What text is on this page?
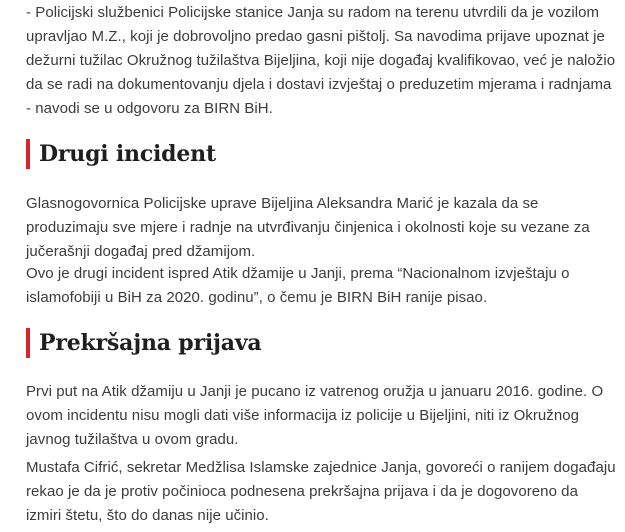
- Policijski službenici Policijske stanice Janja su radom na terenu utvrdili da je vozilom upravljao M.Z., koji je dobrovoljno predao gasni pištolj. Sa navodima prijave upoznat je dežurni tužilac Okružnog tužilaštva Bijeljina, koji nije događaj kvalifikovao, već je naložio da se radi na dokumentovanju djela i dostavi izvještaj o preduzetim mjerama i radnjama - navodi se u odgovoru za BIRN BiH.

Drugi incident

Glasnogovornica Policijske uprave Bijeljina Aleksandra Marić je kazala da se produzimaju sve mjere i radnje na utvrđivanju činjenica i okolnosti koje su vezane za jučerašnji događaj pred džamijom.

Ovo je drugi incident ispred Atik džamije u Janji, prema “Nacionalnom izvještaju o islamofobiji u BiH za 2020. godinu”, o čemu je BIRN BiH ranije pisao.

Prekršajna prijava

Prvi put na Atik džamiju u Janji je pucano iz vatrenog oružja u januaru 2016. godine. O ovom incidentu nisu mogli dati više informacija iz policije u Bijeljini, niti iz Okružnog javnog tužilaštva u ovom gradu.

Mustafa Cifrić, sekretar Medžlisa Islamske zajednice Janja, govoreći o ranijem događaju rekao je da je protiv počinioca podnesena prekršajna prijava i da je dogovoreno da izmiri štetu, što do danas nije učinio.
